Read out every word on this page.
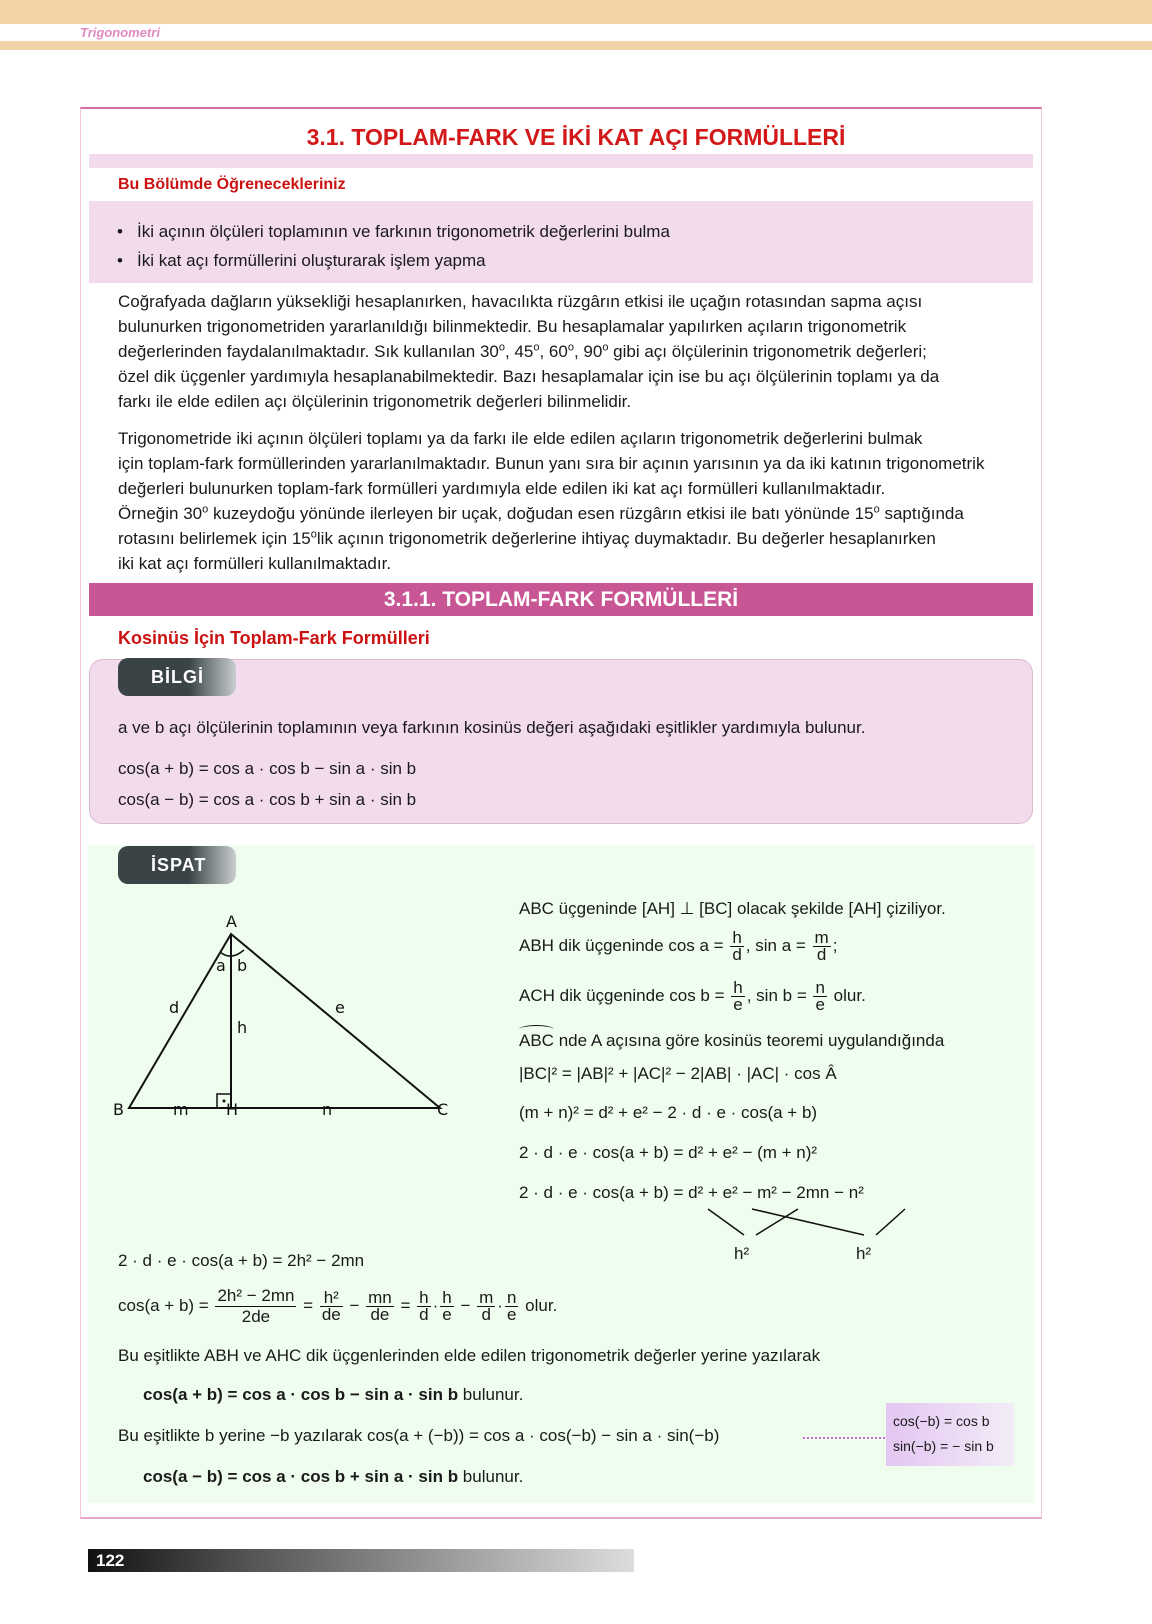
Trigonometri
3.1. TOPLAM-FARK VE İKİ KAT AÇI FORMÜLLERİ
Bu Bölümde Öğrenecekleriniz
• İki açının ölçüleri toplamının ve farkının trigonometrik değerlerini bulma
• İki kat açı formüllerini oluşturarak işlem yapma
Coğrafyada dağların yüksekliği hesaplanırken, havacılıkta rüzgârın etkisi ile uçağın rotasından sapma açısı
bulunurken trigonometriden yararlanıldığı bilinmektedir. Bu hesaplamalar yapılırken açıların trigonometrik
değerlerinden faydalanılmaktadır. Sık kullanılan 30$^o$, 45$^o$, 60$^o$, 90$^o$ gibi açı ölçülerinin trigonometrik değerleri;
özel dik üçgenler yardımıyla hesaplanabilmektedir. Bazı hesaplamalar için ise bu açı ölçülerinin toplamı ya da
farkı ile elde edilen açı ölçülerinin trigonometrik değerleri bilinmelidir.
Trigonometride iki açının ölçüleri toplamı ya da farkı ile elde edilen açıların trigonometrik değerlerini bulmak
için toplam-fark formüllerinden yararlanılmaktadır. Bunun yanı sıra bir açının yarısının ya da iki katının trigonometrik
değerleri bulunurken toplam-fark formülleri yardımıyla elde edilen iki kat açı formülleri kullanılmaktadır.
Örneğin 30$^o$ kuzeydoğu yönünde ilerleyen bir uçak, doğudan esen rüzgârın etkisi ile batı yönünde 15$^o$ saptığında
rotasını belirlemek için 15$^o$lik açının trigonometrik değerlerine ihtiyaç duymaktadır. Bu değerler hesaplanırken
iki kat açı formülleri kullanılmaktadır.
3.1.1. TOPLAM-FARK FORMÜLLERİ
Kosinüs İçin Toplam-Fark Formülleri
BİLGİ
a ve b açı ölçülerinin toplamının veya farkının kosinüs değeri aşağıdaki eşitlikler yardımıyla bulunur.
cos(a + b) = cos a · cos b − sin a · sin b
cos(a − b) = cos a · cos b + sin a · sin b
İSPAT
A
B	C
H
a b
d	e
h
m	n
ABC üçgeninde [AH] ⊥ [BC] olacak şekilde [AH] çiziliyor.
ABH dik üçgeninde $\cos a = \frac{h}{d}$ , $\sin a = \frac{m}{d}$ ;
ACH dik üçgeninde $\cos b = \frac{h}{e}$ , $\sin b = \frac{n}{e}$ olur.
ABC nde A açısına göre kosinüs teoremi uygulandığında
|BC|² = |AB|² + |AC|² − 2|AB| · |AC| · cos Â
(m + n)² = d² + e² − 2 · d · e · cos(a + b)
2 · d · e · cos(a + b) = d² + e² − (m + n)²
2 · d · e · cos(a + b) = d² + e² − m² − 2mn − n²
h²	h²
2 · d · e · cos(a + b) = 2h² − 2mn
$\cos(a + b) = \frac{\text{2h² − 2mn}}{2de} = \frac{\text{h²}}{de} - \frac{mn}{de} = \frac{h}{d} \cdot \frac{h}{e} - \frac{m}{d} \cdot \frac{n}{e}$ olur.
Bu eşitlikte ABH ve AHC dik üçgenlerinden elde edilen trigonometrik değerler yerine yazılarak
cos(a + b) = cos a · cos b − sin a · sin b bulunur.
Bu eşitlikte b yerine −b yazılarak cos(a + (−b)) = cos a · cos(−b) − sin a · sin(−b)
cos(a − b) = cos a · cos b + sin a · sin b bulunur.
cos(−b) = cos b
sin(−b) = − sin b
122
